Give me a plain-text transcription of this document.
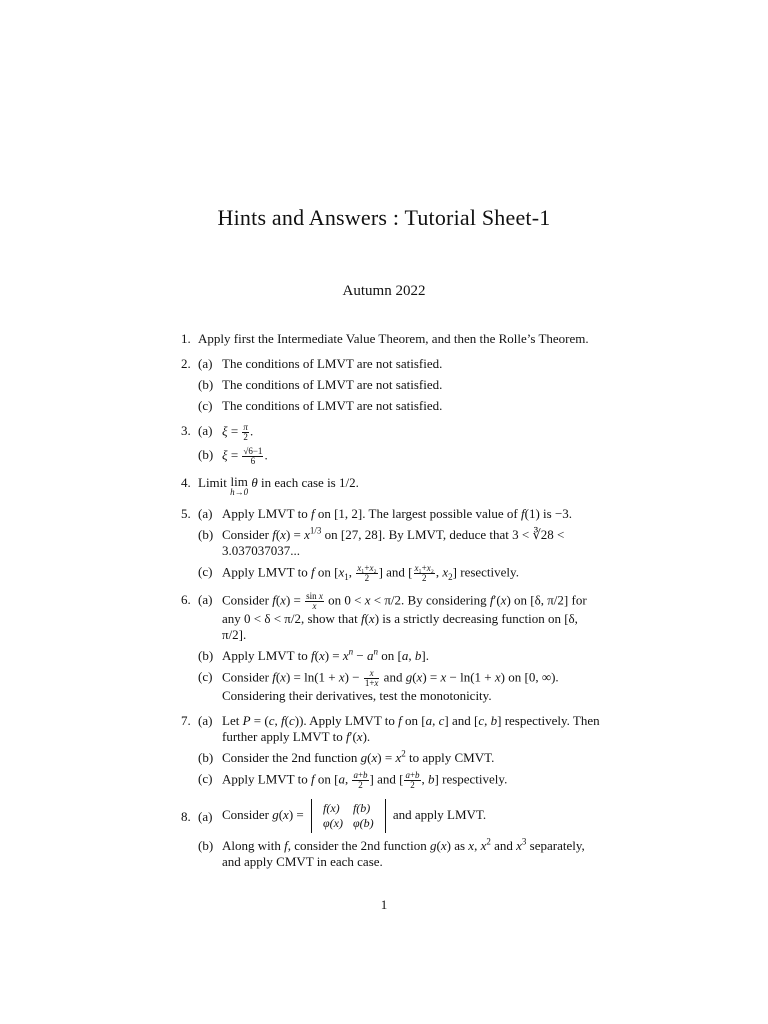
Hints and Answers : Tutorial Sheet-1
Autumn 2022
1. Apply first the Intermediate Value Theorem, and then the Rolle’s Theorem.
2. (a) The conditions of LMVT are not satisfied.
(b) The conditions of LMVT are not satisfied.
(c) The conditions of LMVT are not satisfied.
3. (a) $\xi = \frac{\pi}{2}$ .
(b) $\xi = \frac{√6-1}{6}$ .
4. Limit lim
h→0
θ in each case is 1/2.
5. (a) Apply LMVT to f on [1, 2]. The largest possible value of f(1) is −3.
(b) Consider $f(x) = x^{1/3}$ on [27, 28]. By LMVT, deduce that 3 < ∛28 < 3.037037037...
(c) Apply LMVT to f on [$x_1$, $\frac{\text{x₁+x₂}}{2}$ ] and [ $\frac{\text{x₁+x₂}}{2}$ , $x_2$] resectively.
6. (a) Consider $f(x) = \frac{\text{sin x}}{x}$ on 0 < x < π/2. By considering f′(x) on [δ, π/2] for any 0 < δ < π/2, show that f(x) is a strictly decreasing function on [δ, π/2].
(b) Apply LMVT to $f(x) = x^n - a^n$ on [a, b].
(c) Consider $f(x) = \ln(1 + x) - \frac{x}{1+x}$ and g(x) = x − ln(1 + x) on [0, ∞). Considering their derivatives, test the monotonicity.
7. (a) Let P = (c, f(c)). Apply LMVT to f on [a, c] and [c, b] respectively. Then further apply LMVT to f′(x).
(b) Consider the 2nd function $g(x) = x^2$ to apply CMVT.
(c) Apply LMVT to f on [a, $\frac{a+b}{2}$ ] and [ $\frac{a+b}{2}$ , b] respectively.
8. (a) Consider g(x) = f(x)	f(b)
φ(x)	φ(b)
and apply LMVT.
(b) Along with f, consider the 2nd function g(x) as x, $x^2$ and $x^3$ separately, and apply CMVT in each case.
1
